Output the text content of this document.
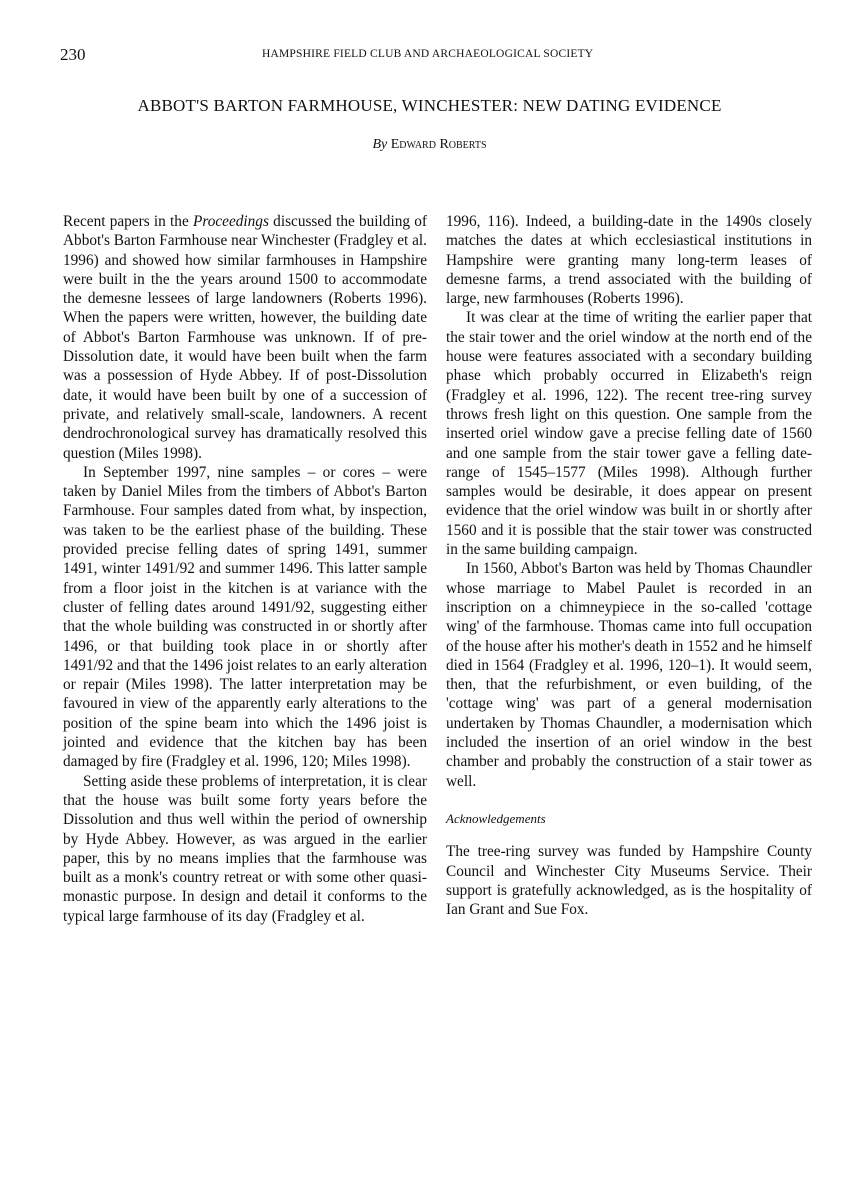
230	HAMPSHIRE FIELD CLUB AND ARCHAEOLOGICAL SOCIETY
ABBOT'S BARTON FARMHOUSE, WINCHESTER: NEW DATING EVIDENCE
By Edward Roberts

Recent papers in the Proceedings discussed the building of Abbot's Barton Farmhouse near Winchester (Fradgley et al. 1996) and showed how similar farmhouses in Hampshire were built in the the years around 1500 to accommodate the demesne lessees of large landowners (Roberts 1996). When the papers were written, however, the building date of Abbot's Barton Farmhouse was unknown. If of pre-Dissolution date, it would have been built when the farm was a possession of Hyde Abbey. If of post-Dissolution date, it would have been built by one of a succession of private, and relatively small-scale, landowners. A recent dendrochronological survey has dramatically resolved this question (Miles 1998).

In September 1997, nine samples – or cores – were taken by Daniel Miles from the timbers of Abbot's Barton Farmhouse. Four samples dated from what, by inspection, was taken to be the earliest phase of the building. These provided precise felling dates of spring 1491, summer 1491, winter 1491/92 and summer 1496. This latter sample from a floor joist in the kitchen is at variance with the cluster of felling dates around 1491/92, suggesting either that the whole building was constructed in or shortly after 1496, or that building took place in or shortly after 1491/92 and that the 1496 joist relates to an early alteration or repair (Miles 1998). The latter interpretation may be favoured in view of the apparently early alterations to the position of the spine beam into which the 1496 joist is jointed and evidence that the kitchen bay has been damaged by fire (Fradgley et al. 1996, 120; Miles 1998).

Setting aside these problems of interpretation, it is clear that the house was built some forty years before the Dissolution and thus well within the period of ownership by Hyde Abbey. However, as was argued in the earlier paper, this by no means implies that the farmhouse was built as a monk's country retreat or with some other quasi-monastic purpose. In design and detail it conforms to the typical large farmhouse of its day (Fradgley et al.

1996, 116). Indeed, a building-date in the 1490s closely matches the dates at which ecclesiastical institutions in Hampshire were granting many long-term leases of demesne farms, a trend associated with the building of large, new farmhouses (Roberts 1996).

It was clear at the time of writing the earlier paper that the stair tower and the oriel window at the north end of the house were features associated with a secondary building phase which probably occurred in Elizabeth's reign (Fradgley et al. 1996, 122). The recent tree-ring survey throws fresh light on this question. One sample from the inserted oriel window gave a precise felling date of 1560 and one sample from the stair tower gave a felling date-range of 1545–1577 (Miles 1998). Although further samples would be desirable, it does appear on present evidence that the oriel window was built in or shortly after 1560 and it is possible that the stair tower was constructed in the same building campaign.

In 1560, Abbot's Barton was held by Thomas Chaundler whose marriage to Mabel Paulet is recorded in an inscription on a chimneypiece in the so-called 'cottage wing' of the farmhouse. Thomas came into full occupation of the house after his mother's death in 1552 and he himself died in 1564 (Fradgley et al. 1996, 120–1). It would seem, then, that the refurbishment, or even building, of the 'cottage wing' was part of a general modernisation undertaken by Thomas Chaundler, a modernisation which included the insertion of an oriel window in the best chamber and probably the construction of a stair tower as well.

Acknowledgements

The tree-ring survey was funded by Hampshire County Council and Winchester City Museums Service. Their support is gratefully acknowledged, as is the hospitality of Ian Grant and Sue Fox.
